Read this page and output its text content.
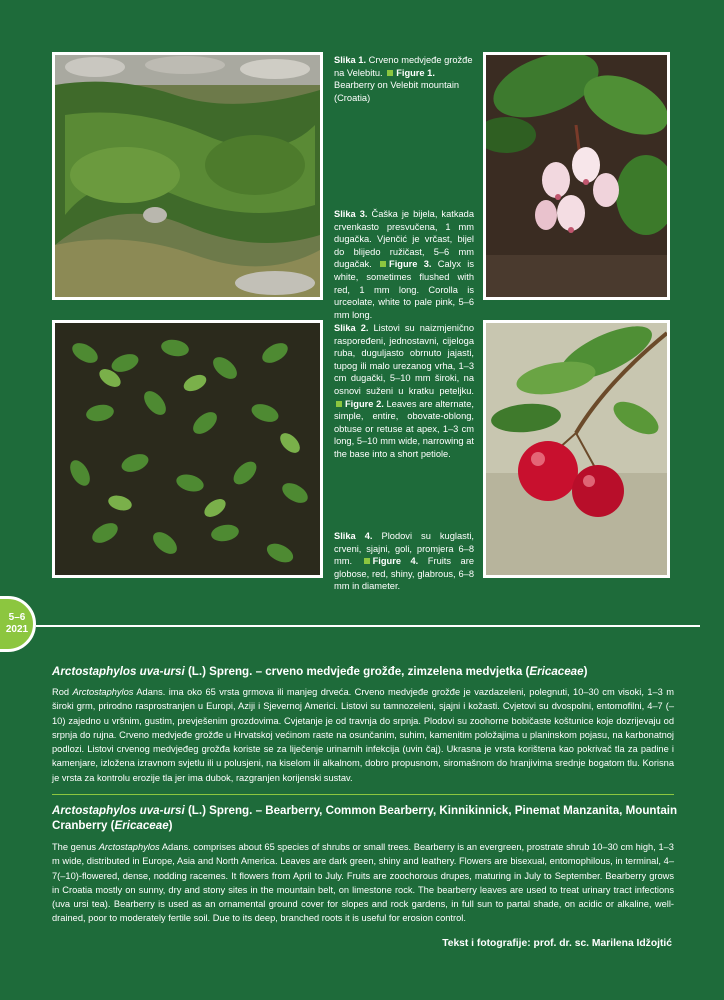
Slika 1. Crveno medvjeđe grožđe na Velebitu. Figure 1. Bearberry on Velebit mountain (Croatia)
Slika 3. Čaška je bijela, katkada crvenkasto presvučena, 1 mm dugačka. Vjenčić je vrčast, bijel do blijedo ružičast, 5–6 mm dugačak. Figure 3. Calyx is white, sometimes flushed with red, 1 mm long. Corolla is urceolate, white to pale pink, 5–6 mm long.
Slika 2. Listovi su naizmjenično raspoređeni, jednostavni, cijeloga ruba, duguljasto obrnuto jajasti, tupog ili malo urezanog vrha, 1–3 cm dugački, 5–10 mm široki, na osnovi suženi u kratku peteljku. Figure 2. Leaves are alternate, simple, entire, obovate-oblong, obtuse or retuse at apex, 1–3 cm long, 5–10 mm wide, narrowing at the base into a short petiole.
Slika 4. Plodovi su kuglasti, crveni, sjajni, goli, promjera 6–8 mm. Figure 4. Fruits are globose, red, shiny, glabrous, 6–8 mm in diameter.
5–6
2021
Arctostaphylos uva-ursi (L.) Spreng. – crveno medvjeđe grožđe, zimzelena medvjetka (Ericaceae)
Rod Arctostaphylos Adans. ima oko 65 vrsta grmova ili manjeg drveća. Crveno medvjeđe grožđe je vazdazeleni, polegnuti, 10–30 cm visoki, 1–3 m široki grm, prirodno rasprostranjen u Europi, Aziji i Sjevernoj Americi. Listovi su tamnozeleni, sjajni i kožasti. Cvjetovi su dvospolni, entomofilni, 4–7 (–10) zajedno u vršnim, gustim, prevješenim grozdovima. Cvjetanje je od travnja do srpnja. Plodovi su zoohorne bobičaste koštunice koje dozrijevaju od srpnja do rujna. Crveno medvjeđe grožđe u Hrvatskoj većinom raste na osunčanim, suhim, kamenitim položajima u planinskom pojasu, na karbonatnoj podlozi. Listovi crvenog medvjeđeg grožđa koriste se za liječenje urinarnih infekcija (uvin čaj). Ukrasna je vrsta korištena kao pokrivač tla za padine i kamenjare, izložena izravnom svjetlu ili u polusjeni, na kiselom ili alkalnom, dobro propusnom, siromašnom do hranjivima srednje bogatom tlu. Korisna je vrsta za kontrolu erozije tla jer ima dubok, razgranjen korijenski sustav.
Arctostaphylos uva-ursi (L.) Spreng. – Bearberry, Common Bearberry, Kinnikinnick, Pinemat Manzanita, Mountain Cranberry (Ericaceae)
The genus Arctostaphylos Adans. comprises about 65 species of shrubs or small trees. Bearberry is an evergreen, prostrate shrub 10–30 cm high, 1–3 m wide, distributed in Europe, Asia and North America. Leaves are dark green, shiny and leathery. Flowers are bisexual, entomophilous, in terminal, 4–7(–10)-flowered, dense, nodding racemes. It flowers from April to July. Fruits are zoochorous drupes, maturing in July to September. Bearberry grows in Croatia mostly on sunny, dry and stony sites in the mountain belt, on limestone rock. The bearberry leaves are used to treat urinary tract infections (uva ursi tea). Bearberry is used as an ornamental ground cover for slopes and rock gardens, in full sun to partal shade, on acidic or alkaline, well-drained, poor to moderately fertile soil. Due to its deep, branched roots it is useful for erosion control.
Tekst i fotografije: prof. dr. sc. Marilena Idžojtić
